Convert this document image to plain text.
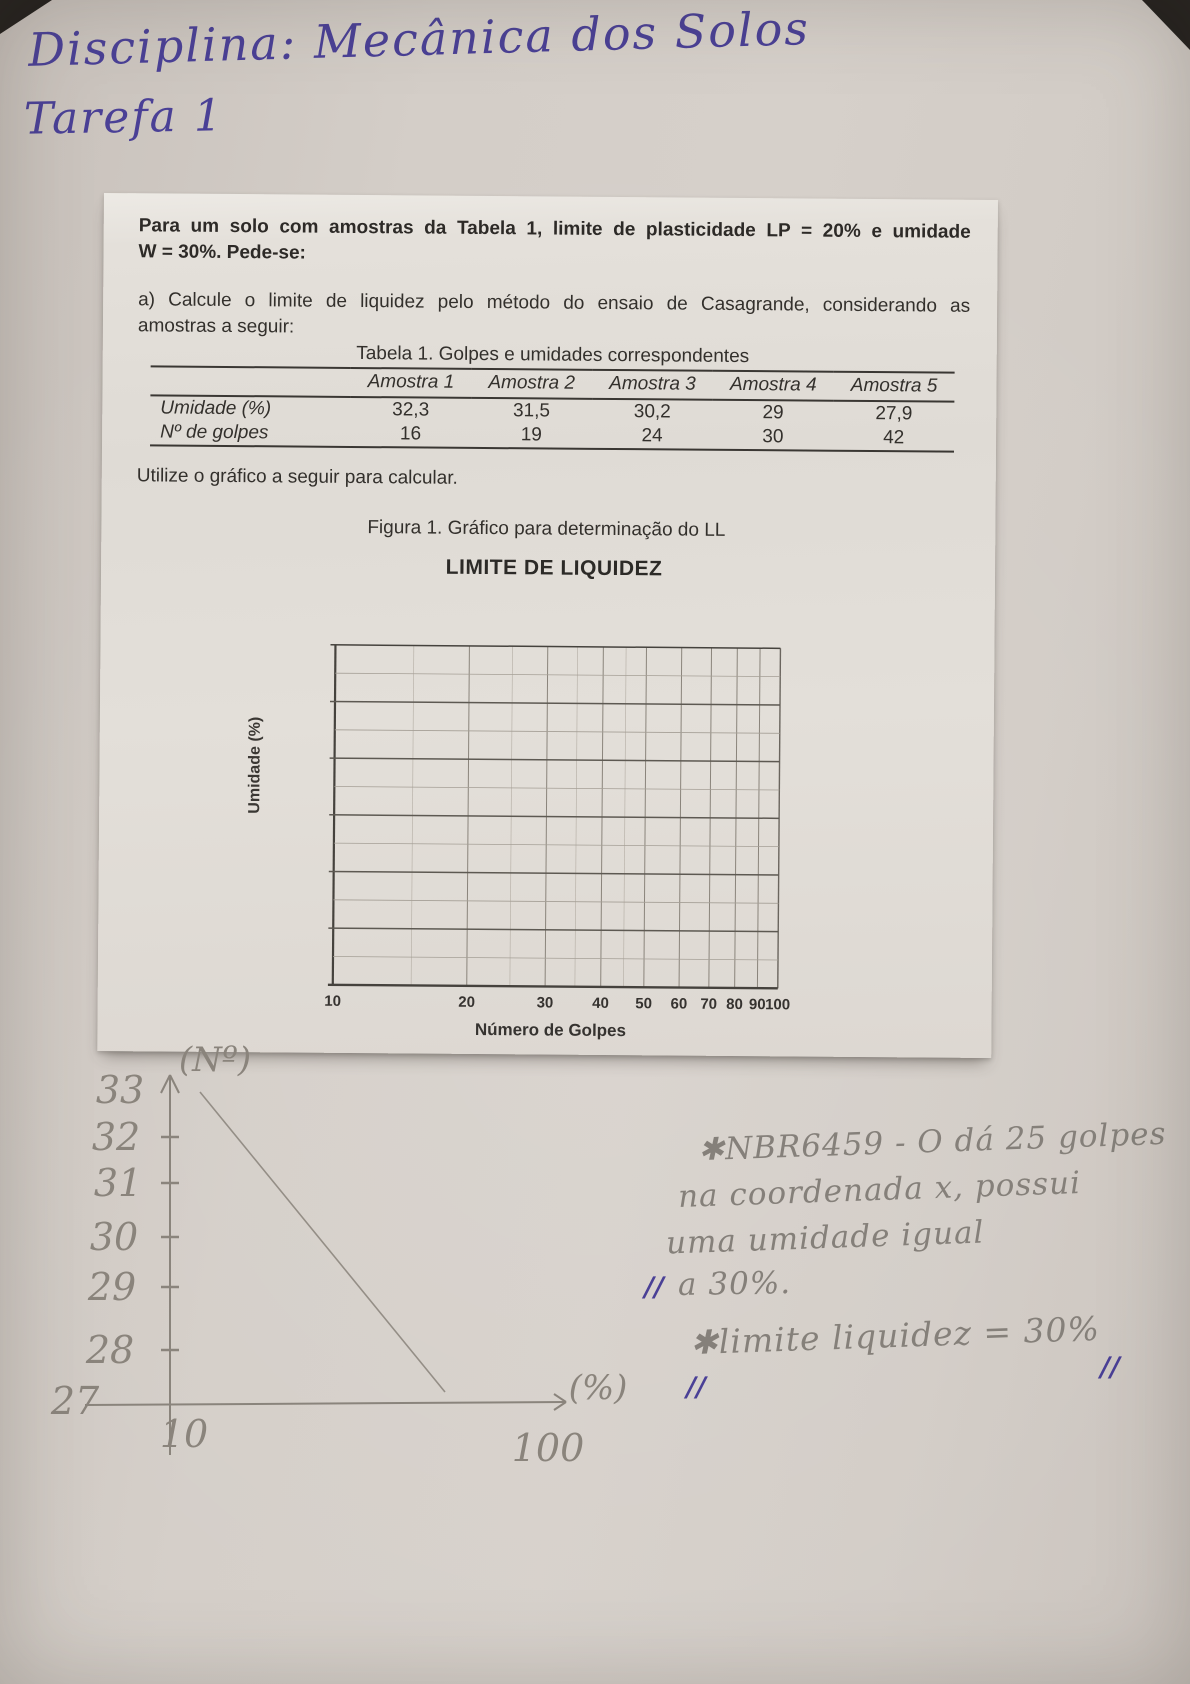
Disciplina: Mecânica dos Solos
Tarefa 1
Para um solo com amostras da Tabela 1, limite de plasticidade LP = 20% e umidade
W = 30%. Pede-se:
a) Calcule o limite de liquidez pelo método do ensaio de Casagrande, considerando as
amostras a seguir:
Tabela 1. Golpes e umidades correspondentes
	Amostra 1	Amostra 2	Amostra 3	Amostra 4	Amostra 5
Umidade (%)	32,3	31,5	30,2	29	27,9
Nº de golpes	16	19	24	30	42
Utilize o gráfico a seguir para calcular.
Figura 1. Gráfico para determinação do LL
LIMITE DE LIQUIDEZ
Umidade (%)
10	20	30	40 50 60 70 80 90 100
Número de Golpes
33
32
31
30
29
28
27
10	100
(Nº)
(%)
✱NBR6459 - O dá 25 golpes
na coordenada x, possui
uma umidade igual
a 30%.
✱limite liquidez = 30%
∕∕
∕∕
∕∕
